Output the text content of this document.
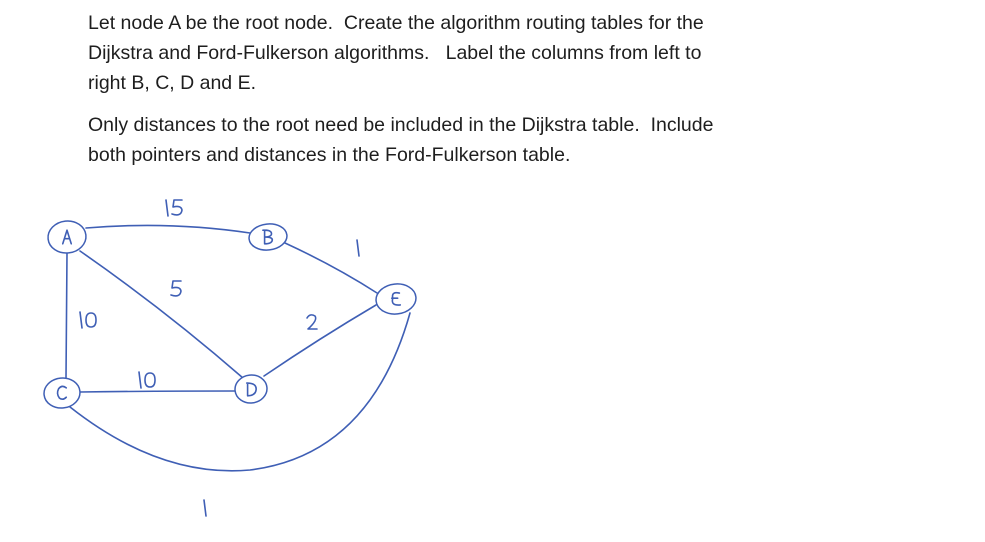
Let node A be the root node.  Create the algorithm routing tables for the
Dijkstra and Ford-Fulkerson algorithms.   Label the columns from left to
right B, C, D and E.
Only distances to the root need be included in the Dijkstra table.  Include
both pointers and distances in the Ford-Fulkerson table.
